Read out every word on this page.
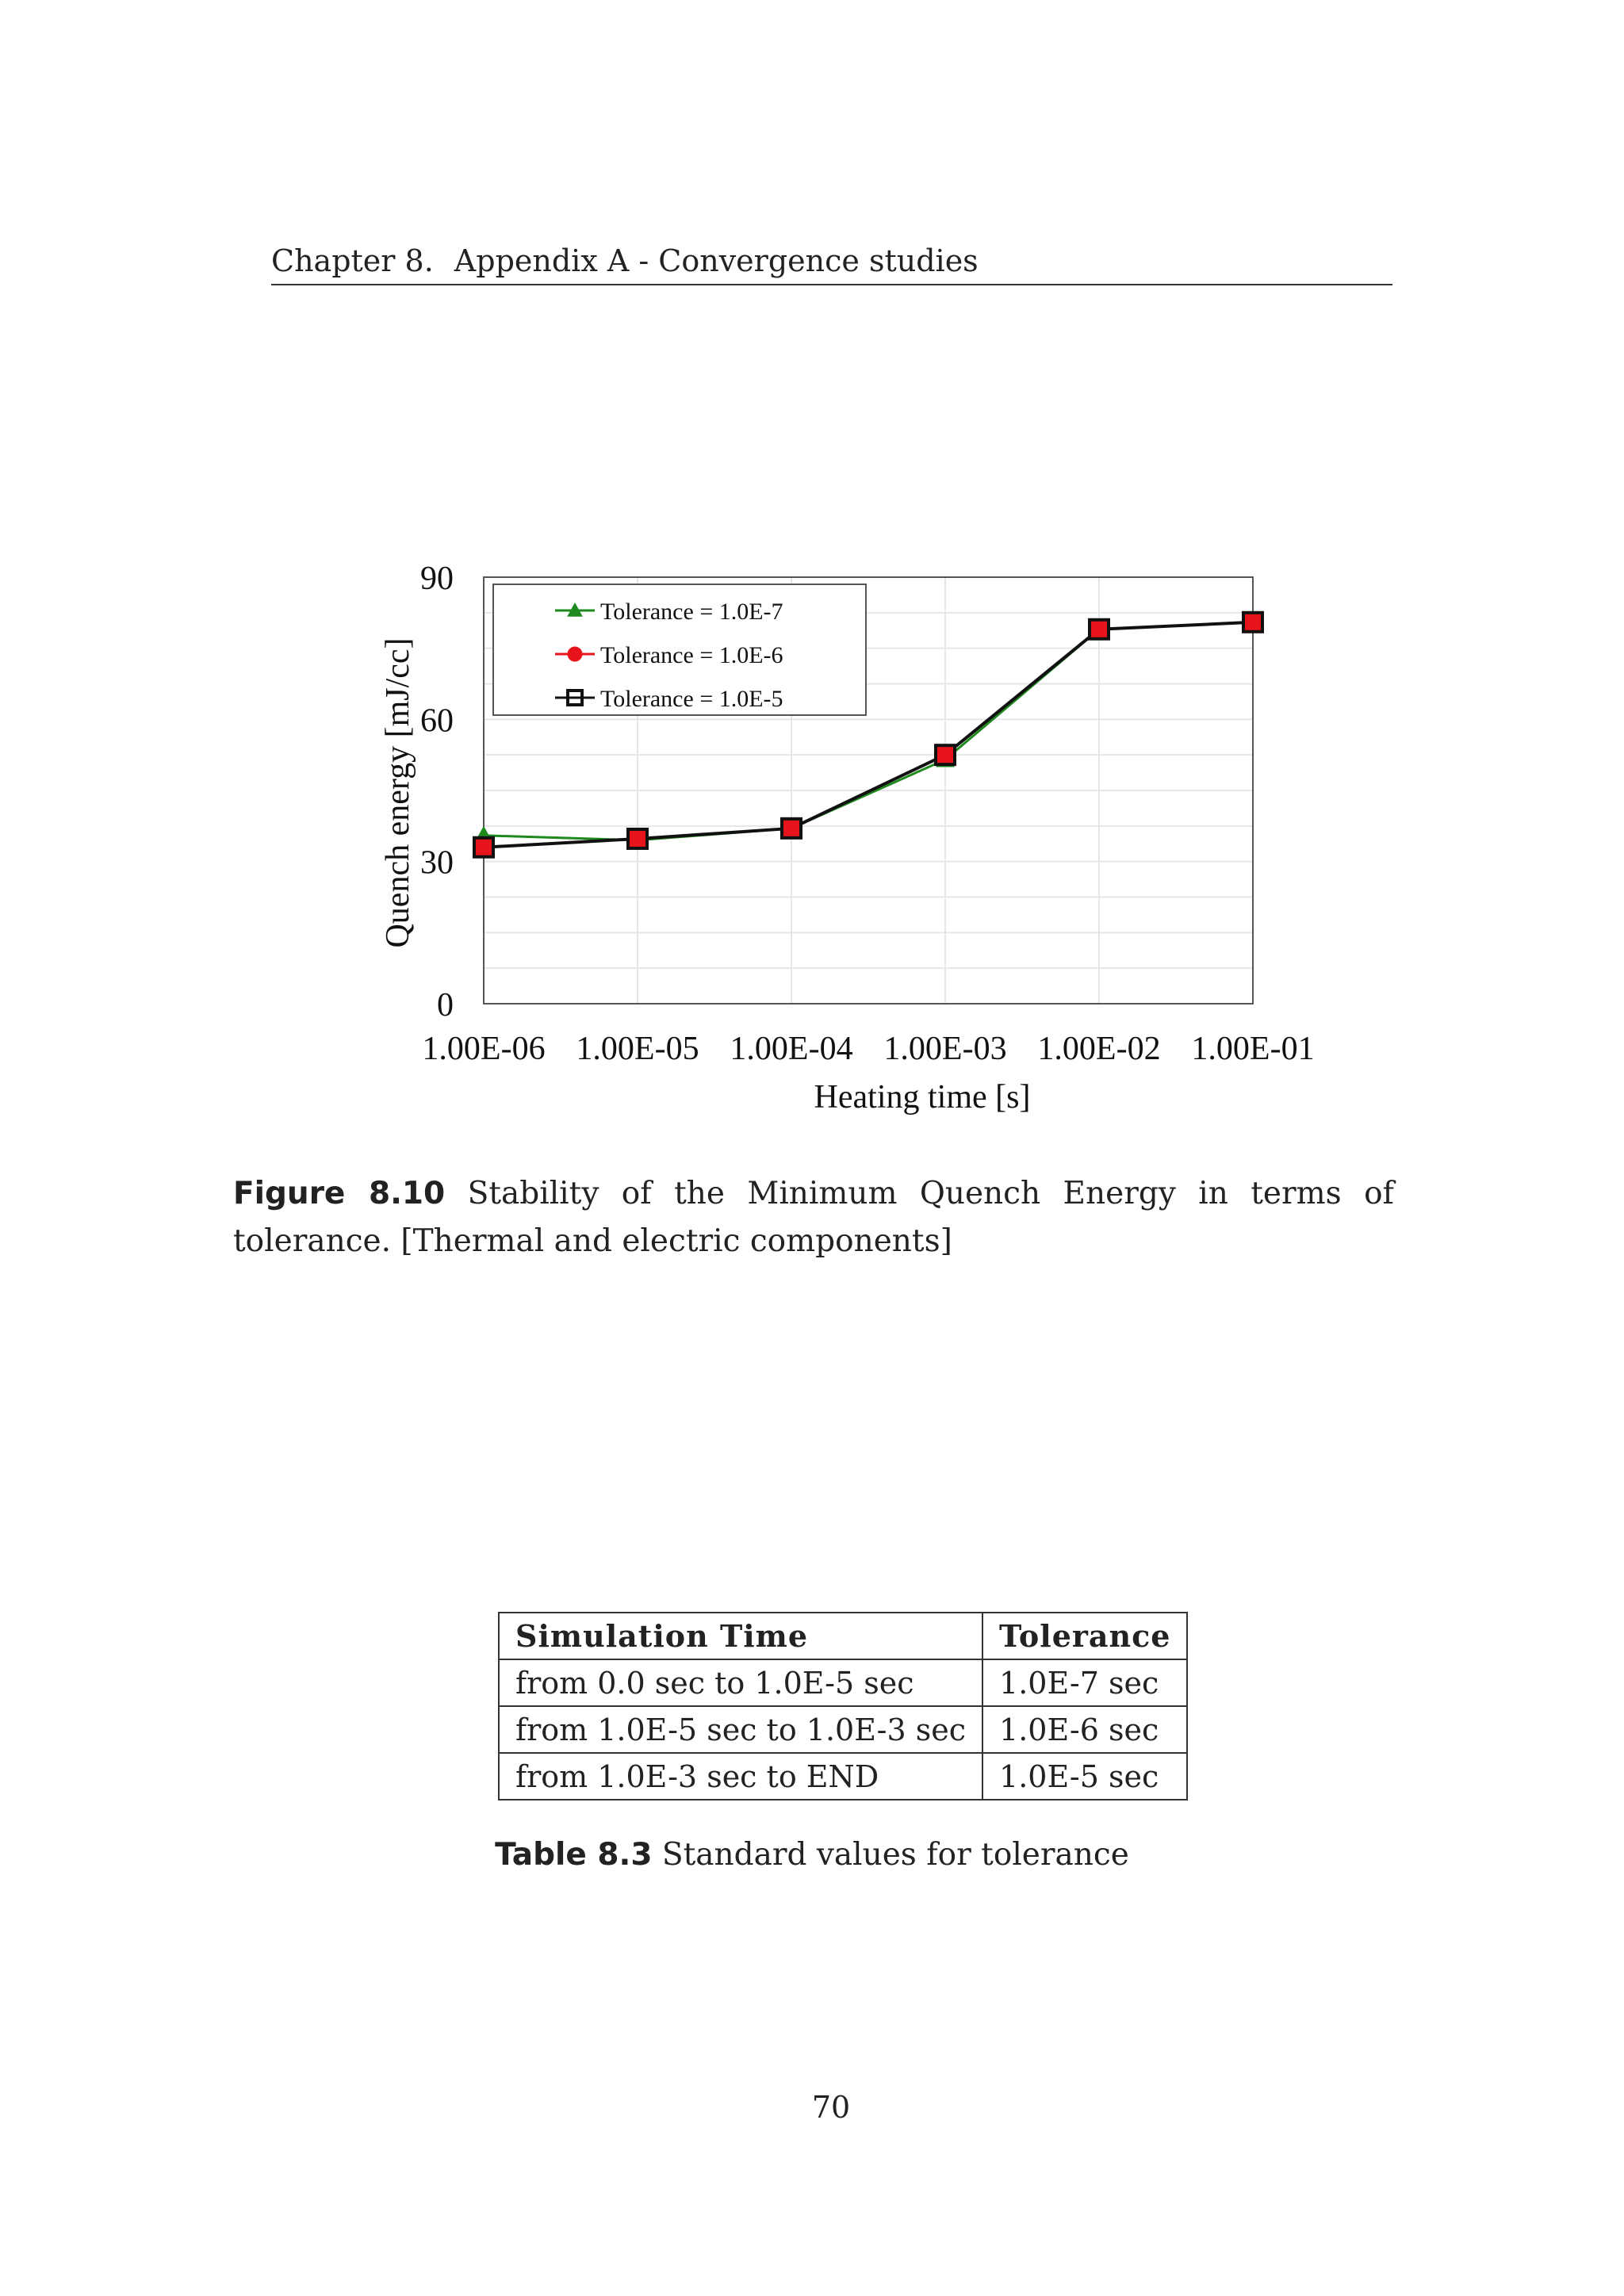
Chapter 8. Appendix A - Convergence studies
0
30
60
90
1.00E-06 1.00E-05 1.00E-04 1.00E-03 1.00E-02 1.00E-01
Heating time [s]
Quench energy [mJ/cc]
Tolerance = 1.0E-7
Tolerance = 1.0E-6
Tolerance = 1.0E-5
Figure 8.10 Stability of the Minimum Quench Energy in terms of tolerance. [Thermal and electric components]
Simulation Time	Tolerance
from 0.0 sec to 1.0E-5 sec	1.0E-7 sec
from 1.0E-5 sec to 1.0E-3 sec	1.0E-6 sec
from 1.0E-3 sec to END	1.0E-5 sec
Table 8.3 Standard values for tolerance
70
